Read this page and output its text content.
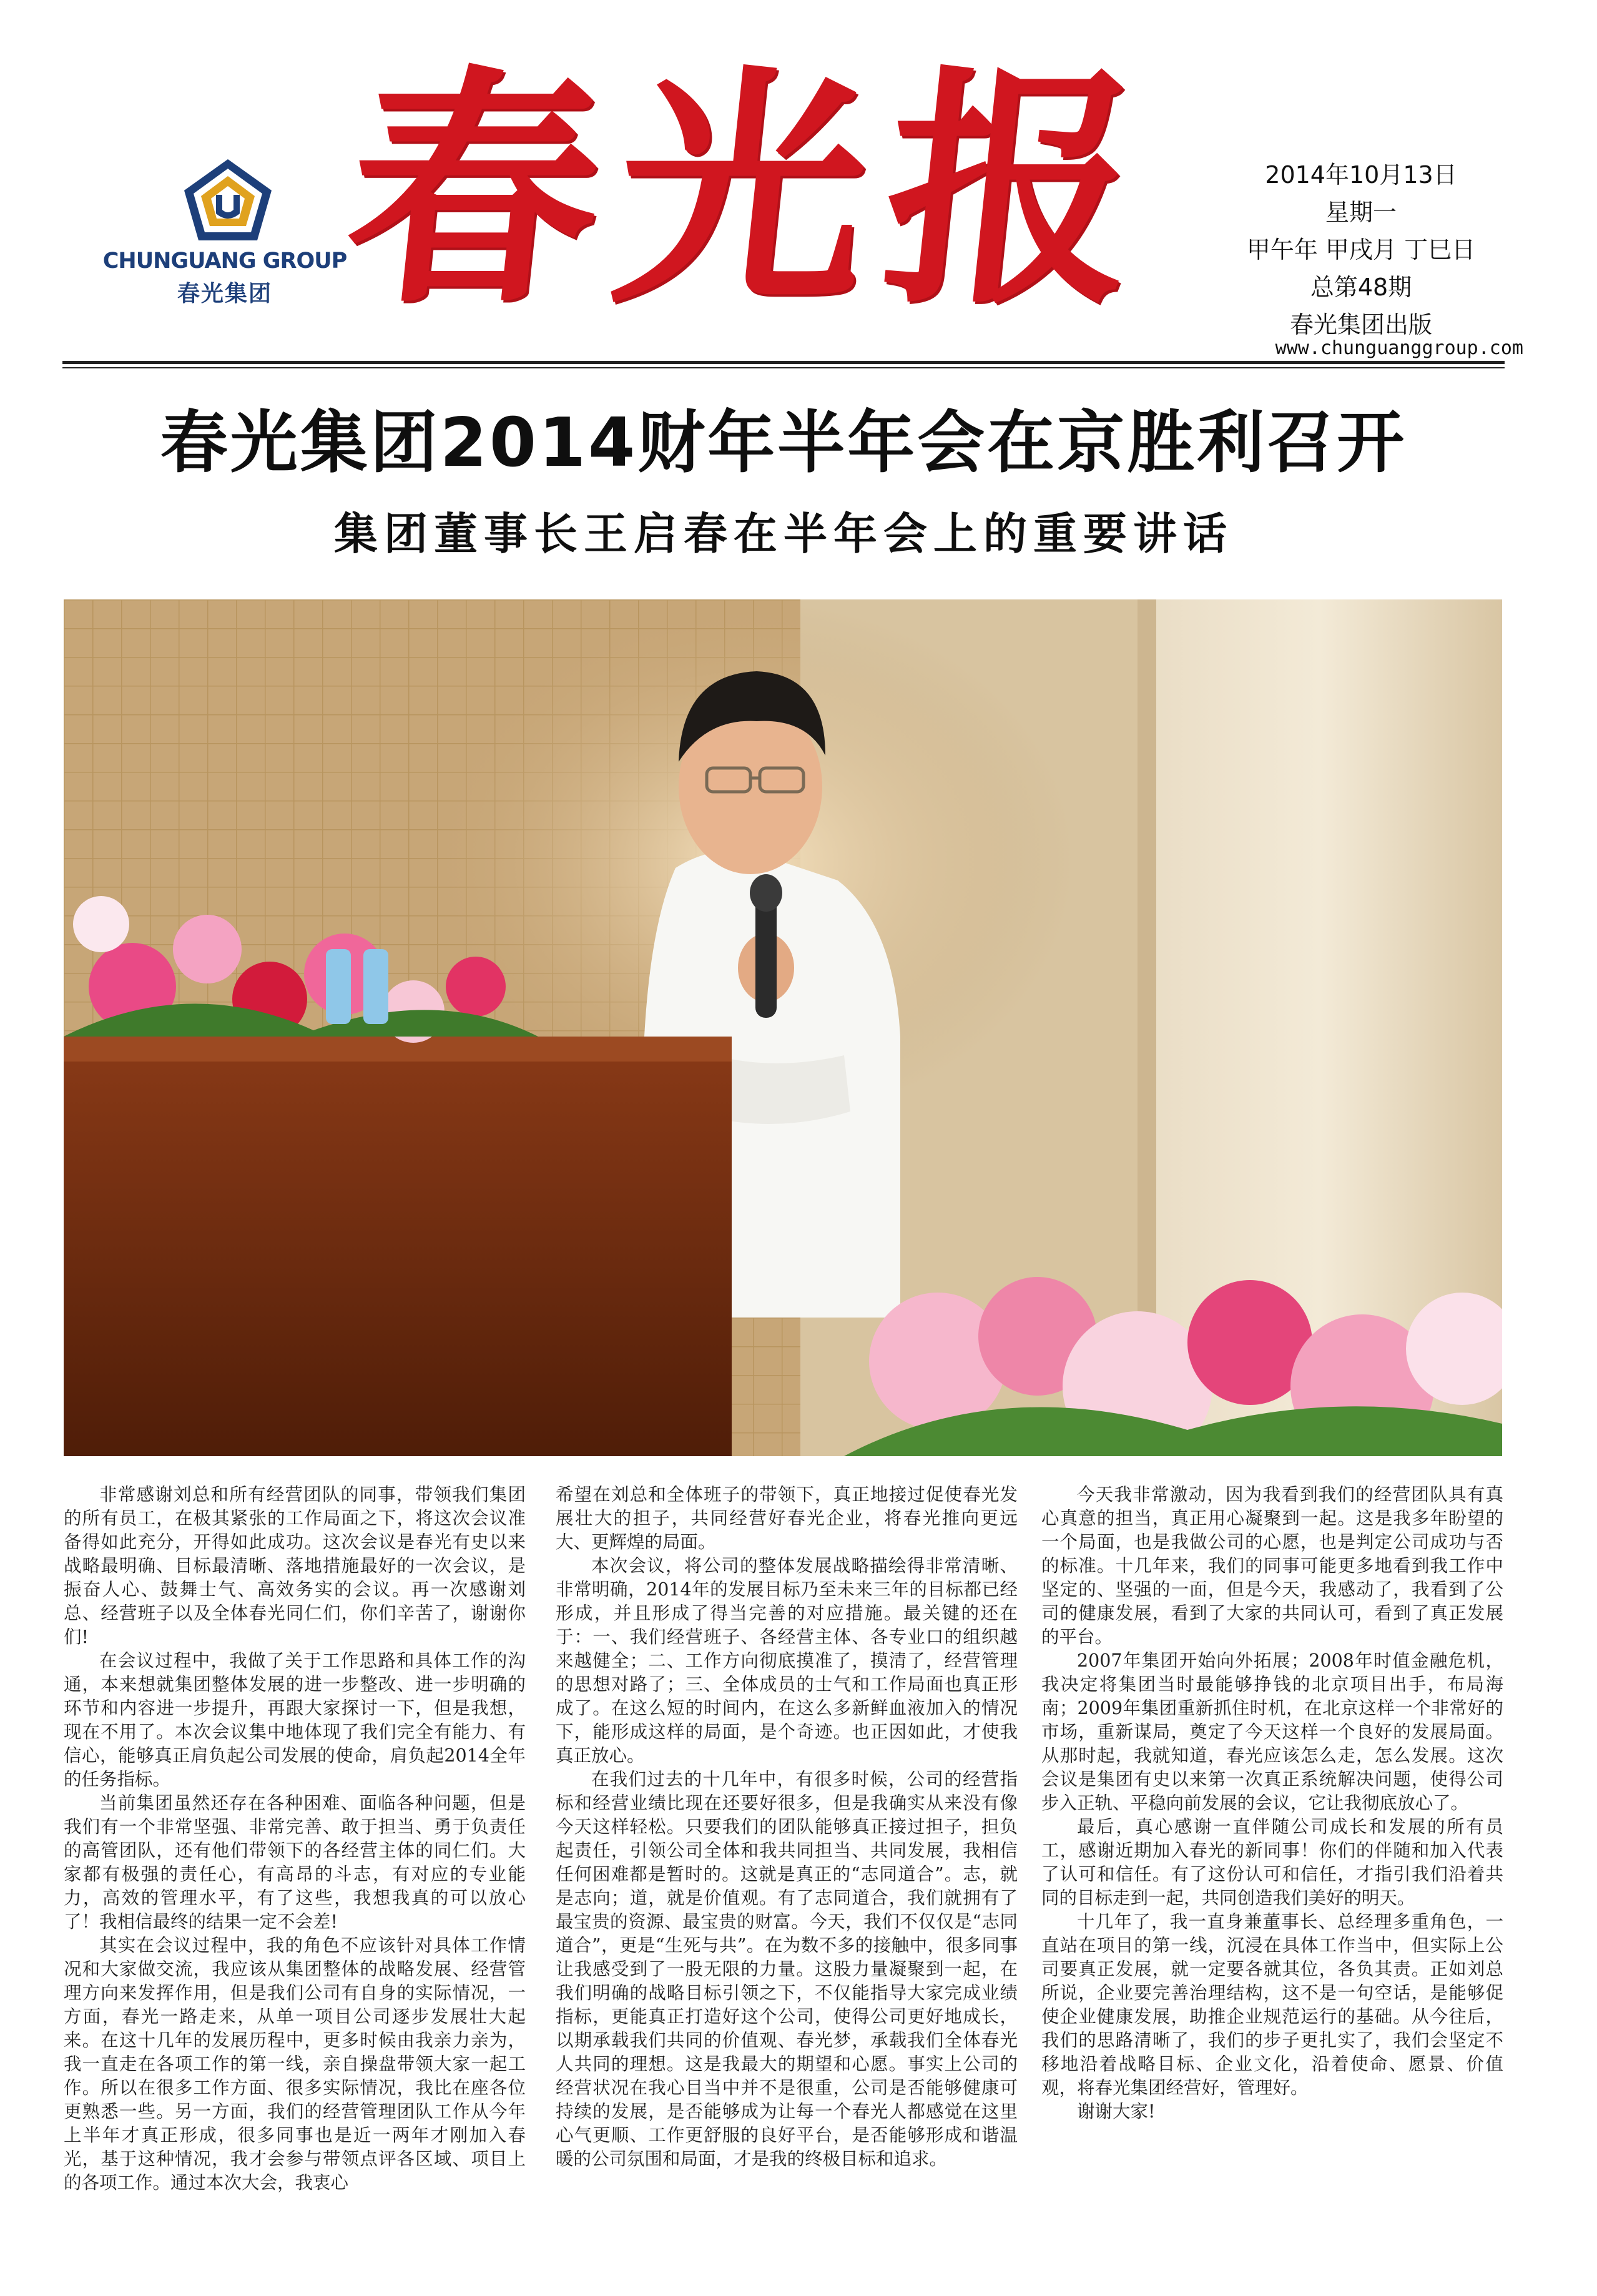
CHUNGUANG GROUP
春光集团 春光报	2014年10月13日
星期一
甲午年 甲戌月 丁巳日
总第48期
春光集团出版
www.chunguanggroup.com
春光集团2014财年半年会在京胜利召开
集团董事长王启春在半年会上的重要讲话

非常感谢刘总和所有经营团队的同事，带领我们集团的所有员工，在极其紧张的工作局面之下，将这次会议准备得如此充分，开得如此成功。这次会议是春光有史以来战略最明确、目标最清晰、落地措施最好的一次会议，是振奋人心、鼓舞士气、高效务实的会议。再一次感谢刘总、经营班子以及全体春光同仁们，你们辛苦了，谢谢你们!

在会议过程中，我做了关于工作思路和具体工作的沟通，本来想就集团整体发展的进一步整改、进一步明确的环节和内容进一步提升，再跟大家探讨一下，但是我想，现在不用了。本次会议集中地体现了我们完全有能力、有信心，能够真正肩负起公司发展的使命，肩负起2014全年的任务指标。

当前集团虽然还存在各种困难、面临各种问题，但是我们有一个非常坚强、非常完善、敢于担当、勇于负责任的高管团队，还有他们带领下的各经营主体的同仁们。大家都有极强的责任心，有高昂的斗志，有对应的专业能力，高效的管理水平，有了这些，我想我真的可以放心了！我相信最终的结果一定不会差!

其实在会议过程中，我的角色不应该针对具体工作情况和大家做交流，我应该从集团整体的战略发展、经营管理方向来发挥作用，但是我们公司有自身的实际情况，一方面，春光一路走来，从单一项目公司逐步发展壮大起来。在这十几年的发展历程中，更多时候由我亲力亲为，我一直走在各项工作的第一线，亲自操盘带领大家一起工作。所以在很多工作方面、很多实际情况，我比在座各位更熟悉一些。另一方面，我们的经营管理团队工作从今年上半年才真正形成，很多同事也是近一两年才刚加入春光，基于这种情况，我才会参与带领点评各区域、项目上的各项工作。通过本次大会，我衷心

希望在刘总和全体班子的带领下，真正地接过促使春光发展壮大的担子，共同经营好春光企业，将春光推向更远大、更辉煌的局面。

本次会议，将公司的整体发展战略描绘得非常清晰、非常明确，2014年的发展目标乃至未来三年的目标都已经形成，并且形成了得当完善的对应措施。最关键的还在于：一、我们经营班子、各经营主体、各专业口的组织越来越健全；二、工作方向彻底摸准了，摸清了，经营管理的思想对路了；三、全体成员的士气和工作局面也真正形成了。在这么短的时间内，在这么多新鲜血液加入的情况下，能形成这样的局面，是个奇迹。也正因如此，才使我真正放心。

在我们过去的十几年中，有很多时候，公司的经营指标和经营业绩比现在还要好很多，但是我确实从来没有像今天这样轻松。只要我们的团队能够真正接过担子，担负起责任，引领公司全体和我共同担当、共同发展，我相信任何困难都是暂时的。这就是真正的“志同道合”。志，就是志向；道，就是价值观。有了志同道合，我们就拥有了最宝贵的资源、最宝贵的财富。今天，我们不仅仅是“志同道合”，更是“生死与共”。在为数不多的接触中，很多同事让我感受到了一股无限的力量。这股力量凝聚到一起，在我们明确的战略目标引领之下，不仅能指导大家完成业绩指标，更能真正打造好这个公司，使得公司更好地成长，以期承载我们共同的价值观、春光梦，承载我们全体春光人共同的理想。这是我最大的期望和心愿。事实上公司的经营状况在我心目当中并不是很重，公司是否能够健康可持续的发展，是否能够成为让每一个春光人都感觉在这里心气更顺、工作更舒服的良好平台，是否能够形成和谐温暖的公司氛围和局面，才是我的终极目标和追求。

今天我非常激动，因为我看到我们的经营团队具有真心真意的担当，真正用心凝聚到一起。这是我多年盼望的一个局面，也是我做公司的心愿，也是判定公司成功与否的标准。十几年来，我们的同事可能更多地看到我工作中坚定的、坚强的一面，但是今天，我感动了，我看到了公司的健康发展，看到了大家的共同认可，看到了真正发展的平台。

2007年集团开始向外拓展；2008年时值金融危机，我决定将集团当时最能够挣钱的北京项目出手，布局海南；2009年集团重新抓住时机，在北京这样一个非常好的市场，重新谋局，奠定了今天这样一个良好的发展局面。从那时起，我就知道，春光应该怎么走，怎么发展。这次会议是集团有史以来第一次真正系统解决问题，使得公司步入正轨、平稳向前发展的会议，它让我彻底放心了。

最后，真心感谢一直伴随公司成长和发展的所有员工，感谢近期加入春光的新同事！你们的伴随和加入代表了认可和信任。有了这份认可和信任，才指引我们沿着共同的目标走到一起，共同创造我们美好的明天。

十几年了，我一直身兼董事长、总经理多重角色，一直站在项目的第一线，沉浸在具体工作当中，但实际上公司要真正发展，就一定要各就其位，各负其责。正如刘总所说，企业要完善治理结构，这不是一句空话，是能够促使企业健康发展，助推企业规范运行的基础。从今往后，我们的思路清晰了，我们的步子更扎实了，我们会坚定不移地沿着战略目标、企业文化，沿着使命、愿景、价值观，将春光集团经营好，管理好。

谢谢大家!
